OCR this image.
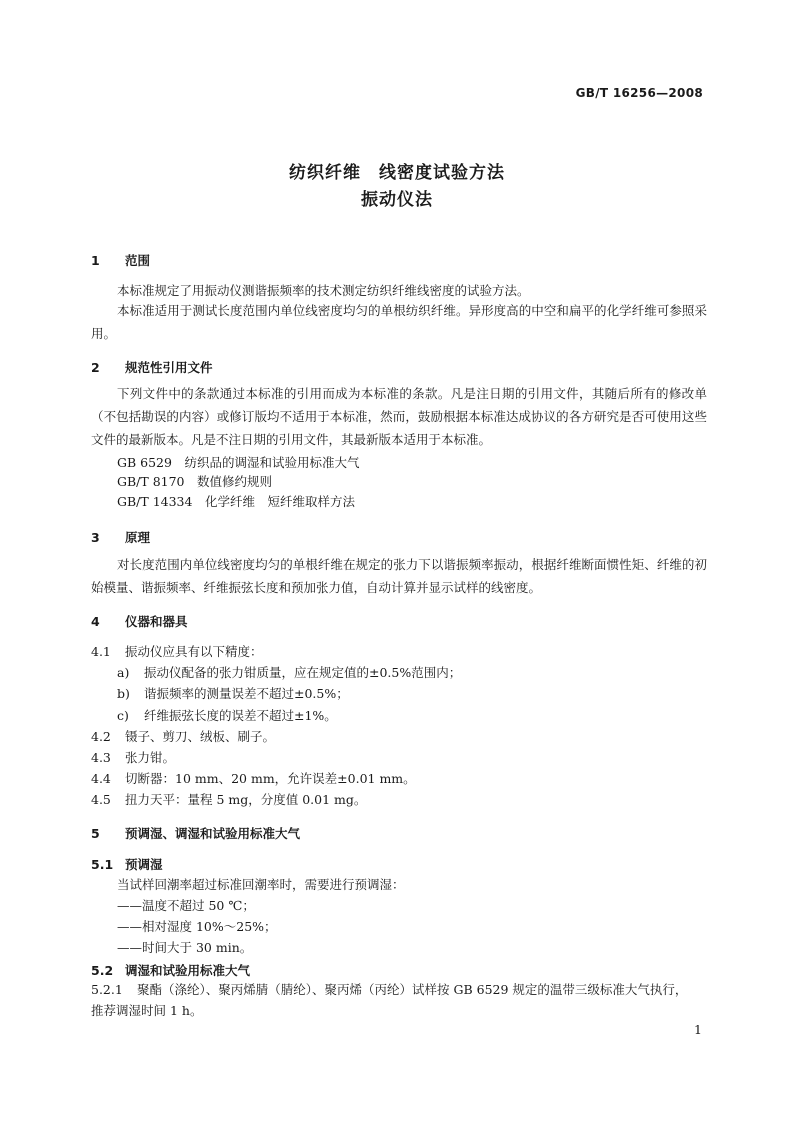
GB/T 16256—2008
纺织纤维　线密度试验方法
振动仪法
1 范围
本标准规定了用振动仪测谐振频率的技术测定纺织纤维线密度的试验方法。
本标准适用于测试长度范围内单位线密度均匀的单根纺织纤维。异形度高的中空和扁平的化学纤维可参照采用。
2 规范性引用文件
下列文件中的条款通过本标准的引用而成为本标准的条款。凡是注日期的引用文件，其随后所有的修改单（不包括勘误的内容）或修订版均不适用于本标准，然而，鼓励根据本标准达成协议的各方研究是否可使用这些文件的最新版本。凡是不注日期的引用文件，其最新版本适用于本标准。
GB 6529　纺织品的调湿和试验用标准大气
GB/T 8170　数值修约规则
GB/T 14334　化学纤维　短纤维取样方法
3 原理
对长度范围内单位线密度均匀的单根纤维在规定的张力下以谐振频率振动，根据纤维断面惯性矩、纤维的初始模量、谐振频率、纤维振弦长度和预加张力值，自动计算并显示试样的线密度。
4 仪器和器具
4.1 振动仪应具有以下精度：
a) 振动仪配备的张力钳质量，应在规定值的±0.5%范围内；
b) 谐振频率的测量误差不超过±0.5%；
c) 纤维振弦长度的误差不超过±1%。
4.2 镊子、剪刀、绒板、刷子。
4.3 张力钳。
4.4 切断器：10 mm、20 mm，允许误差±0.01 mm。
4.5 扭力天平：量程 5 mg，分度值 0.01 mg。
5 预调湿、调湿和试验用标准大气
5.1 预调湿
当试样回潮率超过标准回潮率时，需要进行预调湿：
——温度不超过 50 ℃；
——相对湿度 10%～25%；
——时间大于 30 min。
5.2 调湿和试验用标准大气
5.2.1 聚酯（涤纶）、聚丙烯腈（腈纶）、聚丙烯（丙纶）试样按 GB 6529 规定的温带三级标准大气执行，
推荐调湿时间 1 h。
1
